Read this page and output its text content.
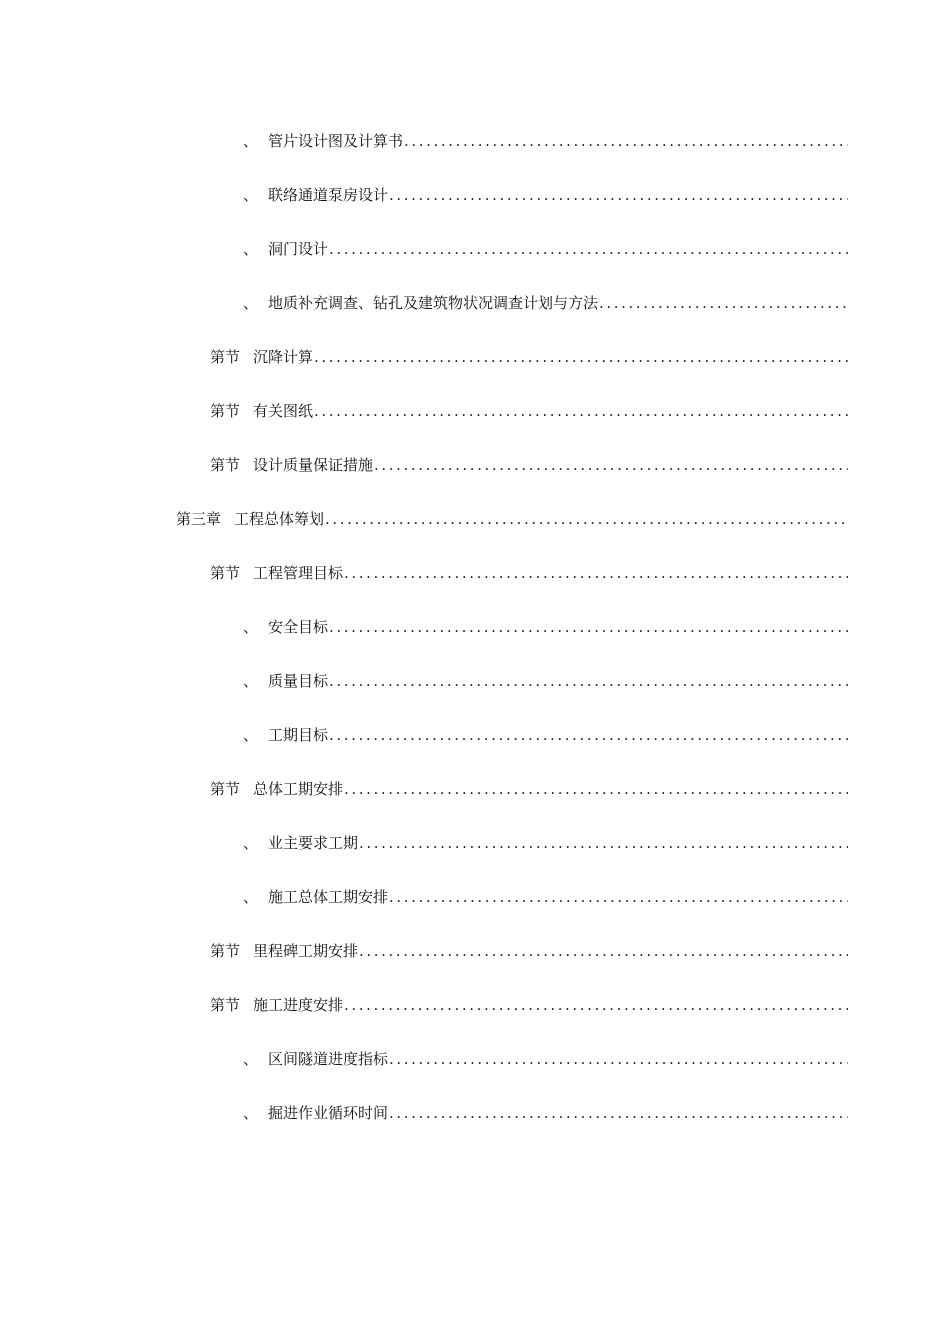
、 管片设计图及计算书
.....
、 联络通道泵房设计
.....
、 洞门设计
.....
、 地质补充调查、钻孔及建筑物状况调查计划与方法
.....
第节 沉降计算
.....
第节 有关图纸
.....
第节 设计质量保证措施
.....
第三章 工程总体筹划
.....
第节 工程管理目标
.....
、 安全目标
.....
、 质量目标
.....
、 工期目标
.....
第节 总体工期安排
.....
、 业主要求工期
.....
、 施工总体工期安排
.....
第节 里程碑工期安排
.....
第节 施工进度安排
.....
、 区间隧道进度指标
.....
、 掘进作业循环时间
.....
